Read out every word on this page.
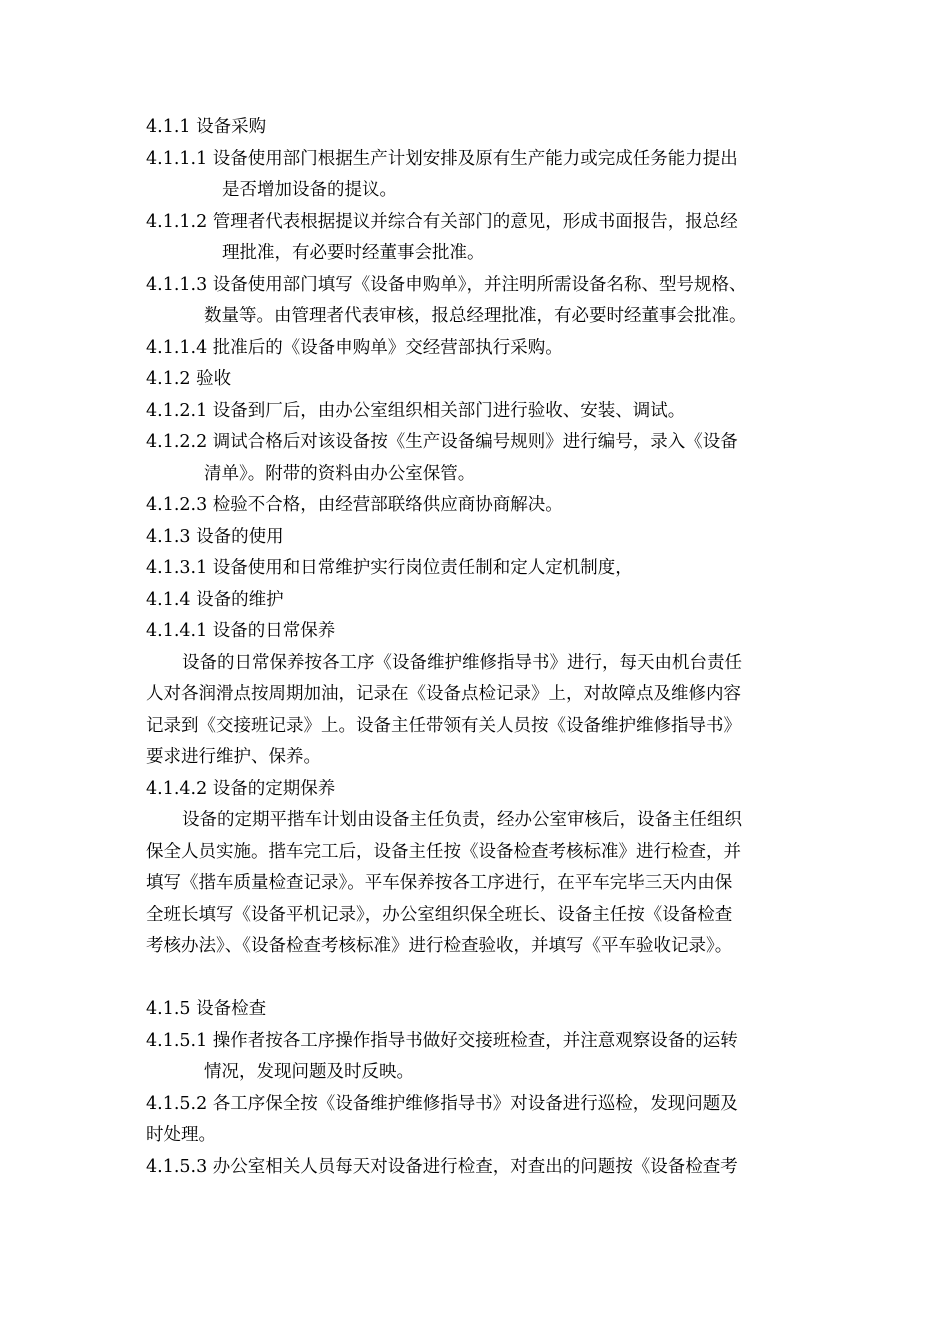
4.1.1 设备采购
4.1.1.1 设备使用部门根据生产计划安排及原有生产能力或完成任务能力提出
是否增加设备的提议。
4.1.1.2 管理者代表根据提议并综合有关部门的意见，形成书面报告，报总经
理批准，有必要时经董事会批准。
4.1.1.3 设备使用部门填写《设备申购单》，并注明所需设备名称、型号规格、
数量等。由管理者代表审核，报总经理批准，有必要时经董事会批准。
4.1.1.4 批准后的《设备申购单》交经营部执行采购。
4.1.2 验收
4.1.2.1 设备到厂后，由办公室组织相关部门进行验收、安装、调试。
4.1.2.2 调试合格后对该设备按《生产设备编号规则》进行编号，录入《设备
清单》。附带的资料由办公室保管。
4.1.2.3 检验不合格，由经营部联络供应商协商解决。
4.1.3 设备的使用
4.1.3.1 设备使用和日常维护实行岗位责任制和定人定机制度，
4.1.4 设备的维护
4.1.4.1 设备的日常保养
设备的日常保养按各工序《设备维护维修指导书》进行，每天由机台责任
人对各润滑点按周期加油，记录在《设备点检记录》上，对故障点及维修内容
记录到《交接班记录》上。设备主任带领有关人员按《设备维护维修指导书》
要求进行维护、保养。
4.1.4.2 设备的定期保养
设备的定期平揩车计划由设备主任负责，经办公室审核后，设备主任组织
保全人员实施。揩车完工后，设备主任按《设备检查考核标准》进行检查，并
填写《揩车质量检查记录》。平车保养按各工序进行，在平车完毕三天内由保
全班长填写《设备平机记录》，办公室组织保全班长、设备主任按《设备检查
考核办法》、《设备检查考核标准》进行检查验收，并填写《平车验收记录》。
4.1.5 设备检查
4.1.5.1 操作者按各工序操作指导书做好交接班检查，并注意观察设备的运转
情况，发现问题及时反映。
4.1.5.2 各工序保全按《设备维护维修指导书》对设备进行巡检，发现问题及
时处理。
4.1.5.3 办公室相关人员每天对设备进行检查，对查出的问题按《设备检查考
